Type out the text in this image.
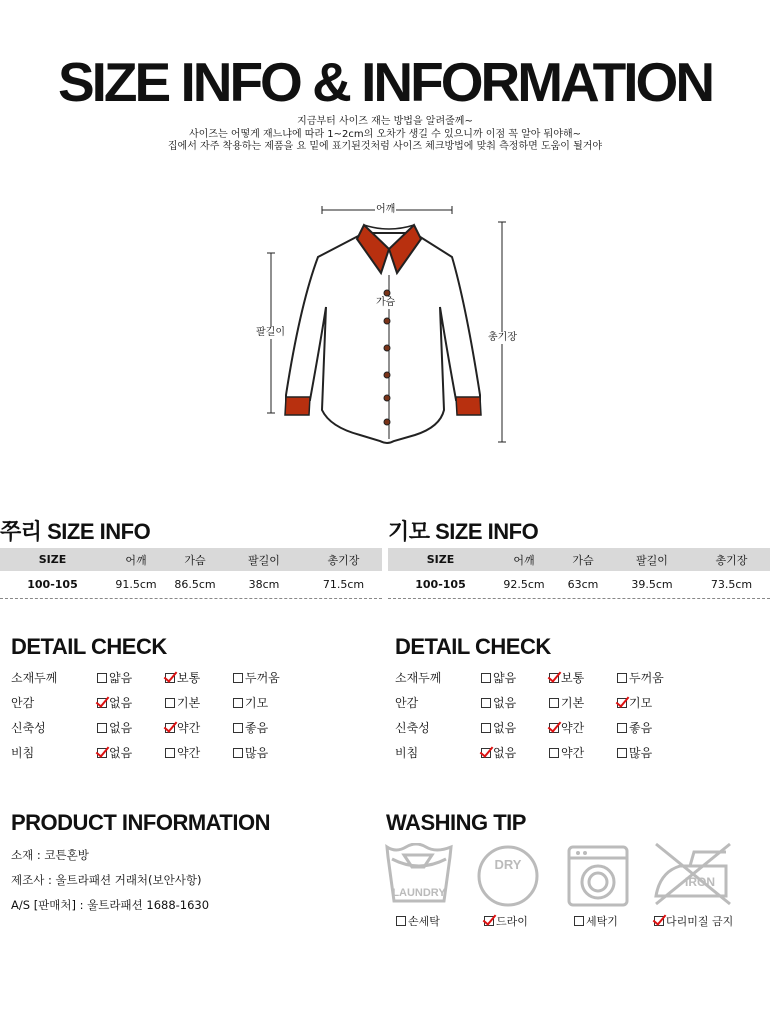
SIZE INFO & INFORMATION
지금부터 사이즈 재는 방법을 알려줄께~
사이즈는 어떻게 재느냐에 따라 1~2cm의 오차가 생길 수 있으니까 이점 꼭 알아 둬야해~
집에서 자주 착용하는 제품을 요 밑에 표기된것처럼 사이즈 체크방법에 맞춰 측정하면 도움이 될거야
어깨
가슴
팔길이	총기장
쭈리 SIZE INFO
SIZE	어깨	가슴	팔길이	총기장
100-105	91.5cm	86.5cm	38cm	71.5cm
기모 SIZE INFO
SIZE	어깨	가슴	팔길이	총기장
100-105	92.5cm	63cm	39.5cm	73.5cm
DETAIL CHECK
소재두께	얇음	보통	두꺼움
안감	없음	기본	기모
신축성	없음	약간	좋음
비침	없음	약간	많음
DETAIL CHECK
소재두께	얇음	보통	두꺼움
안감	없음	기본	기모
신축성	없음	약간	좋음
비침	없음	약간	많음
PRODUCT INFORMATION
소재 : 코튼혼방
제조사 : 울트라패션 거래처(보안사항)
A/S [판매처] : 울트라패션 1688-1630
WASHING TIP
LAUNDRY
DRY
IRON
손세탁	드라이	세탁기	다리미질 금지
